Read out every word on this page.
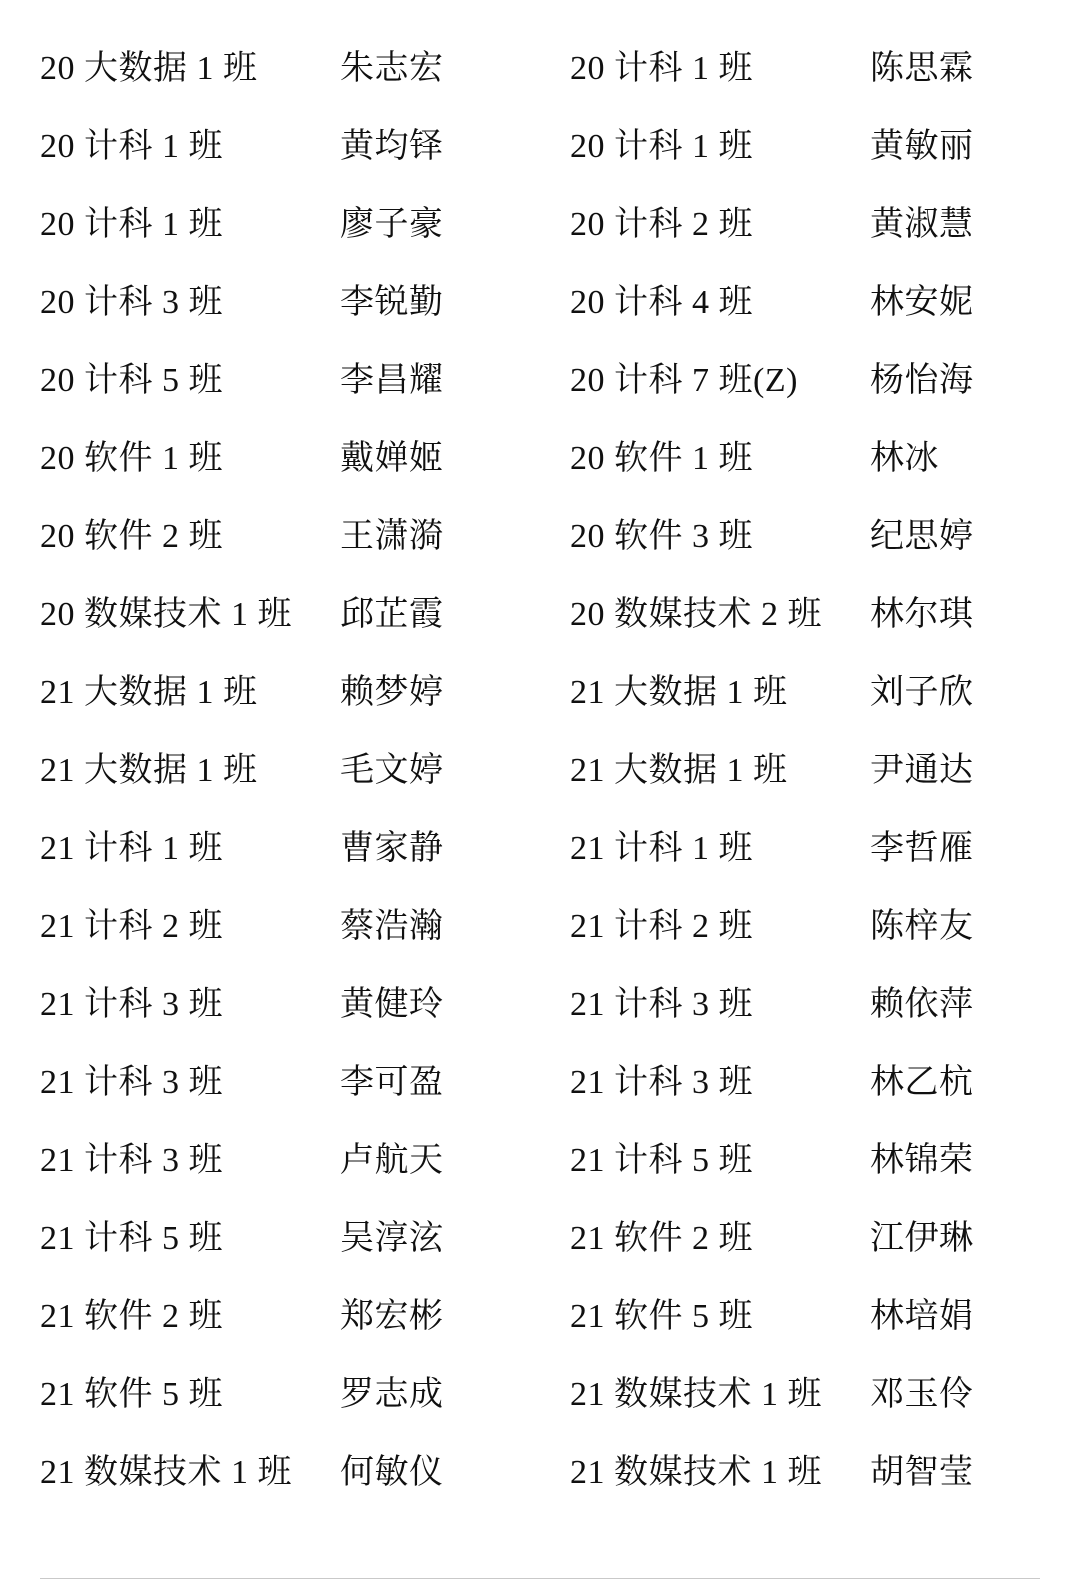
20 大数据 1 班	朱志宏	20 计科 1 班	陈思霖
20 计科 1 班	黄均铎	20 计科 1 班	黄敏丽
20 计科 1 班	廖子豪	20 计科 2 班	黄淑慧
20 计科 3 班	李锐勤	20 计科 4 班	林安妮
20 计科 5 班	李昌耀	20 计科 7 班(Z)	杨怡海
20 软件 1 班	戴婵姬	20 软件 1 班	林冰
20 软件 2 班	王潇漪	20 软件 3 班	纪思婷
20 数媒技术 1 班	邱芷霞	20 数媒技术 2 班	林尔琪
21 大数据 1 班	赖梦婷	21 大数据 1 班	刘子欣
21 大数据 1 班	毛文婷	21 大数据 1 班	尹通达
21 计科 1 班	曹家静	21 计科 1 班	李哲雁
21 计科 2 班	蔡浩瀚	21 计科 2 班	陈梓友
21 计科 3 班	黄健玲	21 计科 3 班	赖依萍
21 计科 3 班	李可盈	21 计科 3 班	林乙杭
21 计科 3 班	卢航天	21 计科 5 班	林锦荣
21 计科 5 班	吴淳泫	21 软件 2 班	江伊琳
21 软件 2 班	郑宏彬	21 软件 5 班	林培娟
21 软件 5 班	罗志成	21 数媒技术 1 班	邓玉伶
21 数媒技术 1 班	何敏仪	21 数媒技术 1 班	胡智莹
